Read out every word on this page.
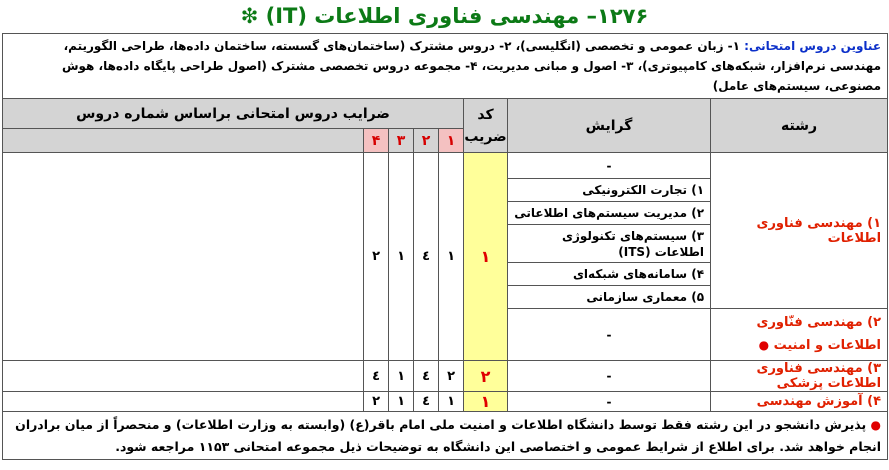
۱۲۷۶– مهندسی فناوری اطلاعات (IT) ❇
عناوین دروس امتحانی: ۱- زبان عمومی و تخصصی (انگلیسی)، ۲- دروس مشترک (ساختمان‌های گسسته، ساختمان داده‌ها، طراحی الگوریتم، مهندسی نرم‌افزار، شبکه‌های کامپیوتری)، ۳- اصول و مبانی مدیریت، ۴- مجموعه دروس تخصصی مشترک (اصول طراحی پایگاه داده‌ها، هوش مصنوعی، سیستم‌های عامل)							
رشته	گرایش	کد ضریب	ضرایب دروس امتحانی براساس شماره دروس				
			۱	۲	۳	۴	
۱) مهندسی فناوری اطلاعات	-	۱	۱	٤	۱	۲	
	۱) تجارت الکترونیکی						
	۲) مدیریت سیستم‌های اطلاعاتی						
	۳) سیستم‌های تکنولوژی اطلاعات (ITS)						
	۴) سامانه‌های شبکه‌ای						
	۵) معماری سازمانی						
۲) مهندسی فنّاوری اطلاعات و امنیت ●	-						
۳) مهندسی فناوری اطلاعات پزشکی	-	۲	۲	٤	۱	٤	
۴) آموزش مهندسی	-	۱	۱	٤	۱	۲	
● پذیرش دانشجو در این رشته فقط توسط دانشگاه اطلاعات و امنیت ملی امام باقر(ع) (وابسته به وزارت اطلاعات) و منحصراً از میان برادران انجام خواهد شد. برای اطلاع از شرایط عمومی و اختصاصی این دانشگاه به توضیحات ذیل مجموعه امتحانی ۱۱۵۳ مراجعه شود.							
